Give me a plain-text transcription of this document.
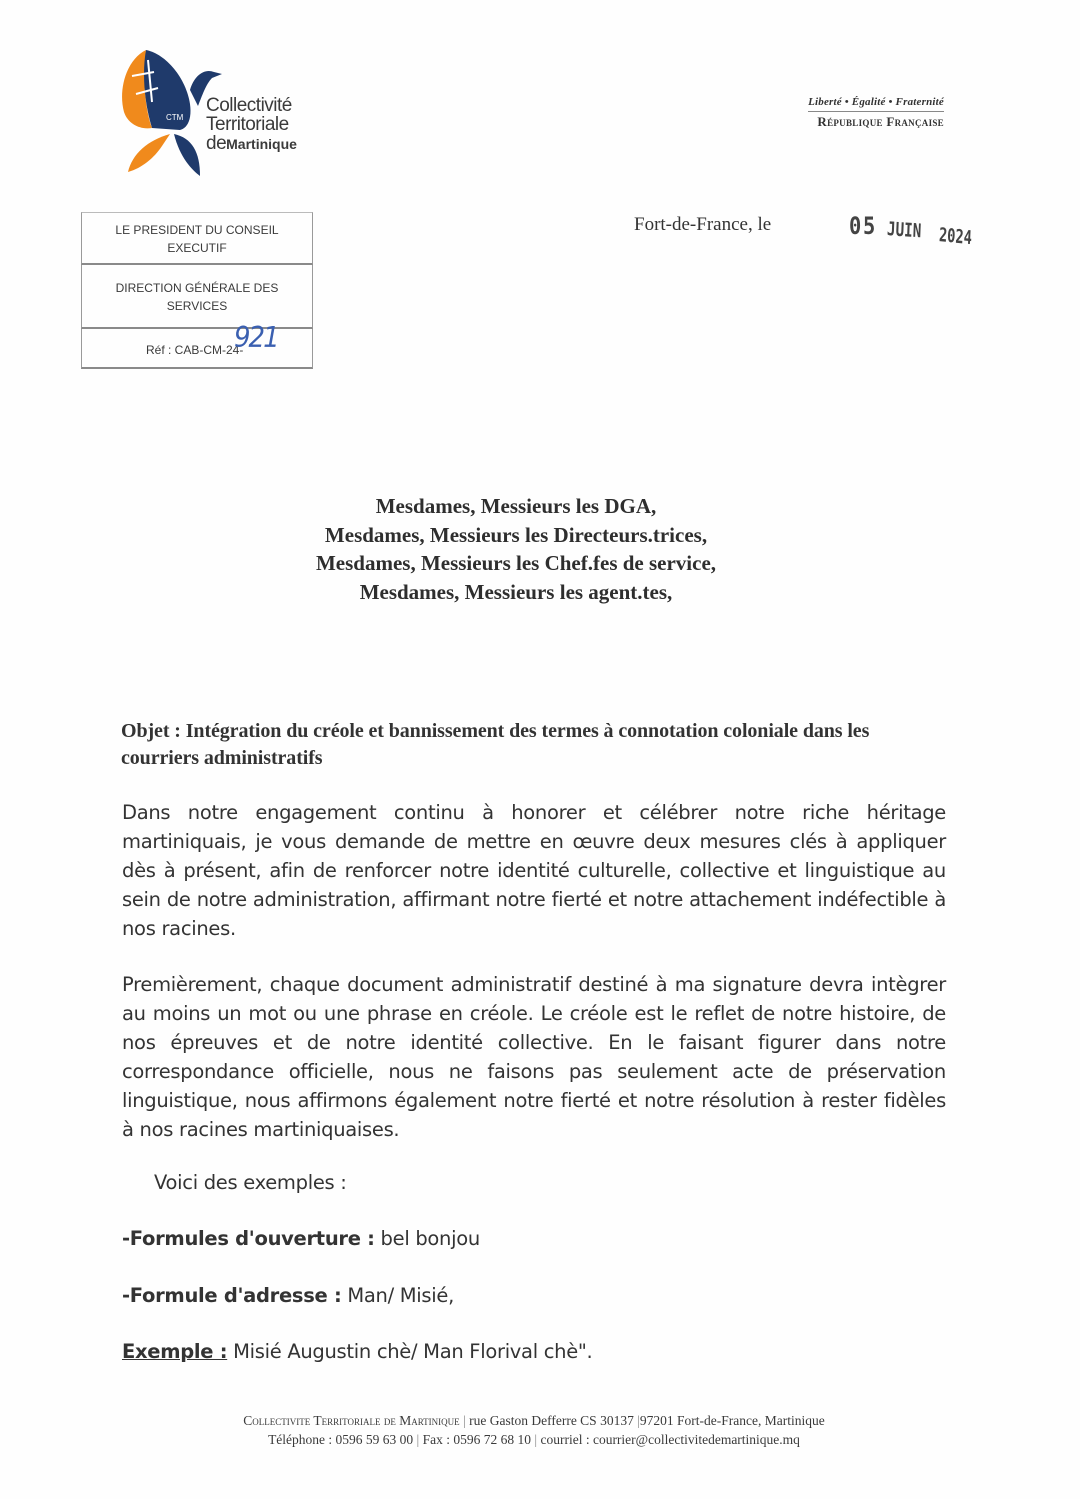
CTM
Collectivité
Territoriale
deMartinique
Liberté • Égalité • Fraternité
République Française
LE PRESIDENT DU CONSEIL EXECUTIF
DIRECTION GÉNÉRALE DES SERVICES
Réf : CAB-CM-24-
921
Fort-de-France, le	05 JUIN 2024
Mesdames, Messieurs les DGA,
Mesdames, Messieurs les Directeurs.trices,
Mesdames, Messieurs les Chef.fes de service,
Mesdames, Messieurs les agent.tes,
Objet : Intégration du créole et bannissement des termes à connotation coloniale dans les courriers administratifs
Dans notre engagement continu à honorer et célébrer notre riche héritage martiniquais, je vous demande de mettre en œuvre deux mesures clés à appliquer dès à présent, afin de renforcer notre identité culturelle, collective et linguistique au sein de notre administration, affirmant notre fierté et notre attachement indéfectible à nos racines.
Premièrement, chaque document administratif destiné à ma signature devra intègrer au moins un mot ou une phrase en créole. Le créole est le reflet de notre histoire, de nos épreuves et de notre identité collective. En le faisant figurer dans notre correspondance officielle, nous ne faisons pas seulement acte de préservation linguistique, nous affirmons également notre fierté et notre résolution à rester fidèles à nos racines martiniquaises.
Voici des exemples :
-Formules d'ouverture : bel bonjou
-Formule d'adresse : Man/ Misié,
Exemple : Misié Augustin chè/ Man Florival chè".
Collectivite Territoriale de Martinique | rue Gaston Defferre CS 30137 |97201 Fort-de-France, Martinique
Téléphone : 0596 59 63 00 | Fax : 0596 72 68 10 | courriel : courrier@collectivitedemartinique.mq
